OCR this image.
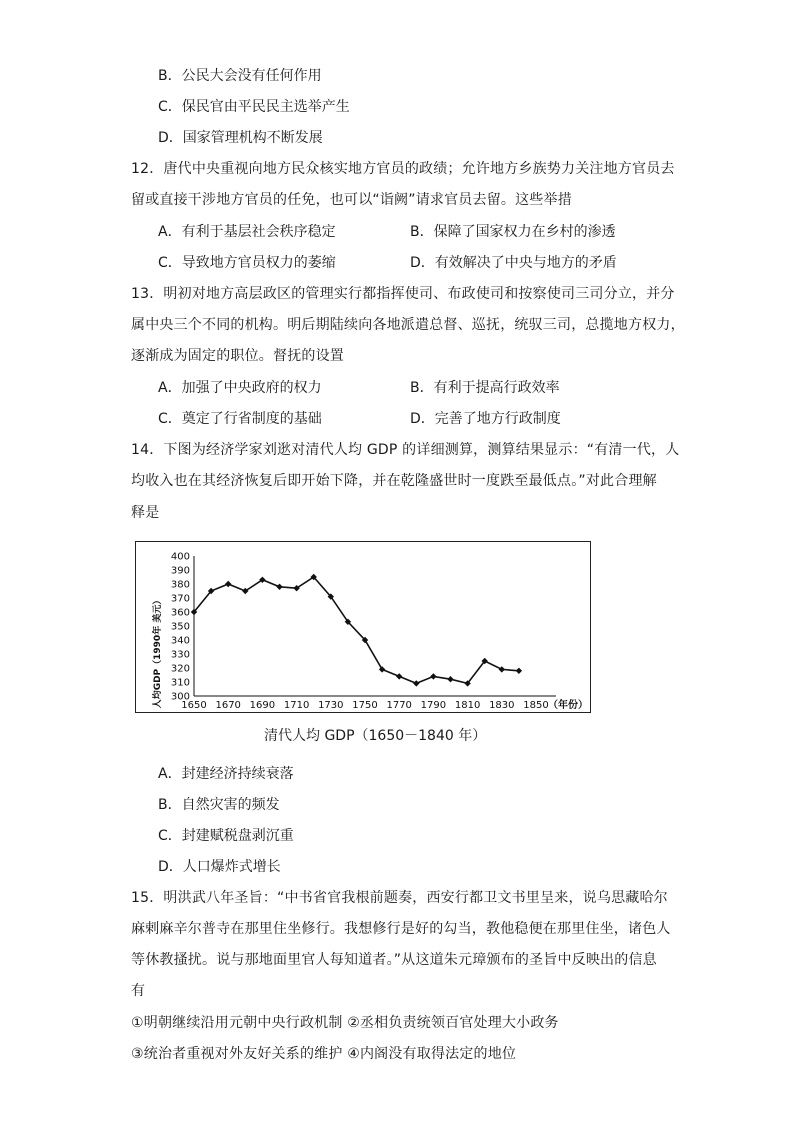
B．公民大会没有任何作用
C．保民官由平民民主选举产生
D．国家管理机构不断发展
12．唐代中央重视向地方民众核实地方官员的政绩；允许地方乡族势力关注地方官员去
留或直接干涉地方官员的任免，也可以“诣阙”请求官员去留。这些举措
A．有利于基层社会秩序稳定	B．保障了国家权力在乡村的渗透
C．导致地方官员权力的萎缩	D．有效解决了中央与地方的矛盾
13．明初对地方高层政区的管理实行都指挥使司、布政使司和按察使司三司分立，并分
属中央三个不同的机构。明后期陆续向各地派遣总督、巡抚，统驭三司，总揽地方权力，
逐渐成为固定的职位。督抚的设置
A．加强了中央政府的权力	B．有利于提高行政效率
C．奠定了行省制度的基础	D．完善了地方行政制度
14．下图为经济学家刘逖对清代人均 GDP 的详细测算，测算结果显示：“有清一代，人
均收入也在其经济恢复后即开始下降，并在乾隆盛世时一度跌至最低点。”对此合理解
释是
人均GDP（1990年 美元） 300
310
320
330
340
350
360
370
380
390
400
1650 1670 1690 1710 1730 1750 1770 1790 1810 1830 1850 （年份）
清代人均 GDP（1650－1840 年）
A．封建经济持续衰落
B．自然灾害的频发
C．封建赋税盘剥沉重
D．人口爆炸式增长
15．明洪武八年圣旨：“中书省官我根前题奏，西安行都卫文书里呈来，说乌思藏哈尔
麻剌麻辛尔普寺在那里住坐修行。我想修行是好的勾当，教他稳便在那里住坐，诸色人
等休教搔扰。说与那地面里官人每知道者。”从这道朱元璋颁布的圣旨中反映出的信息
有
①明朝继续沿用元朝中央行政机制 ②丞相负责统领百官处理大小政务
③统治者重视对外友好关系的维护 ④内阁没有取得法定的地位
